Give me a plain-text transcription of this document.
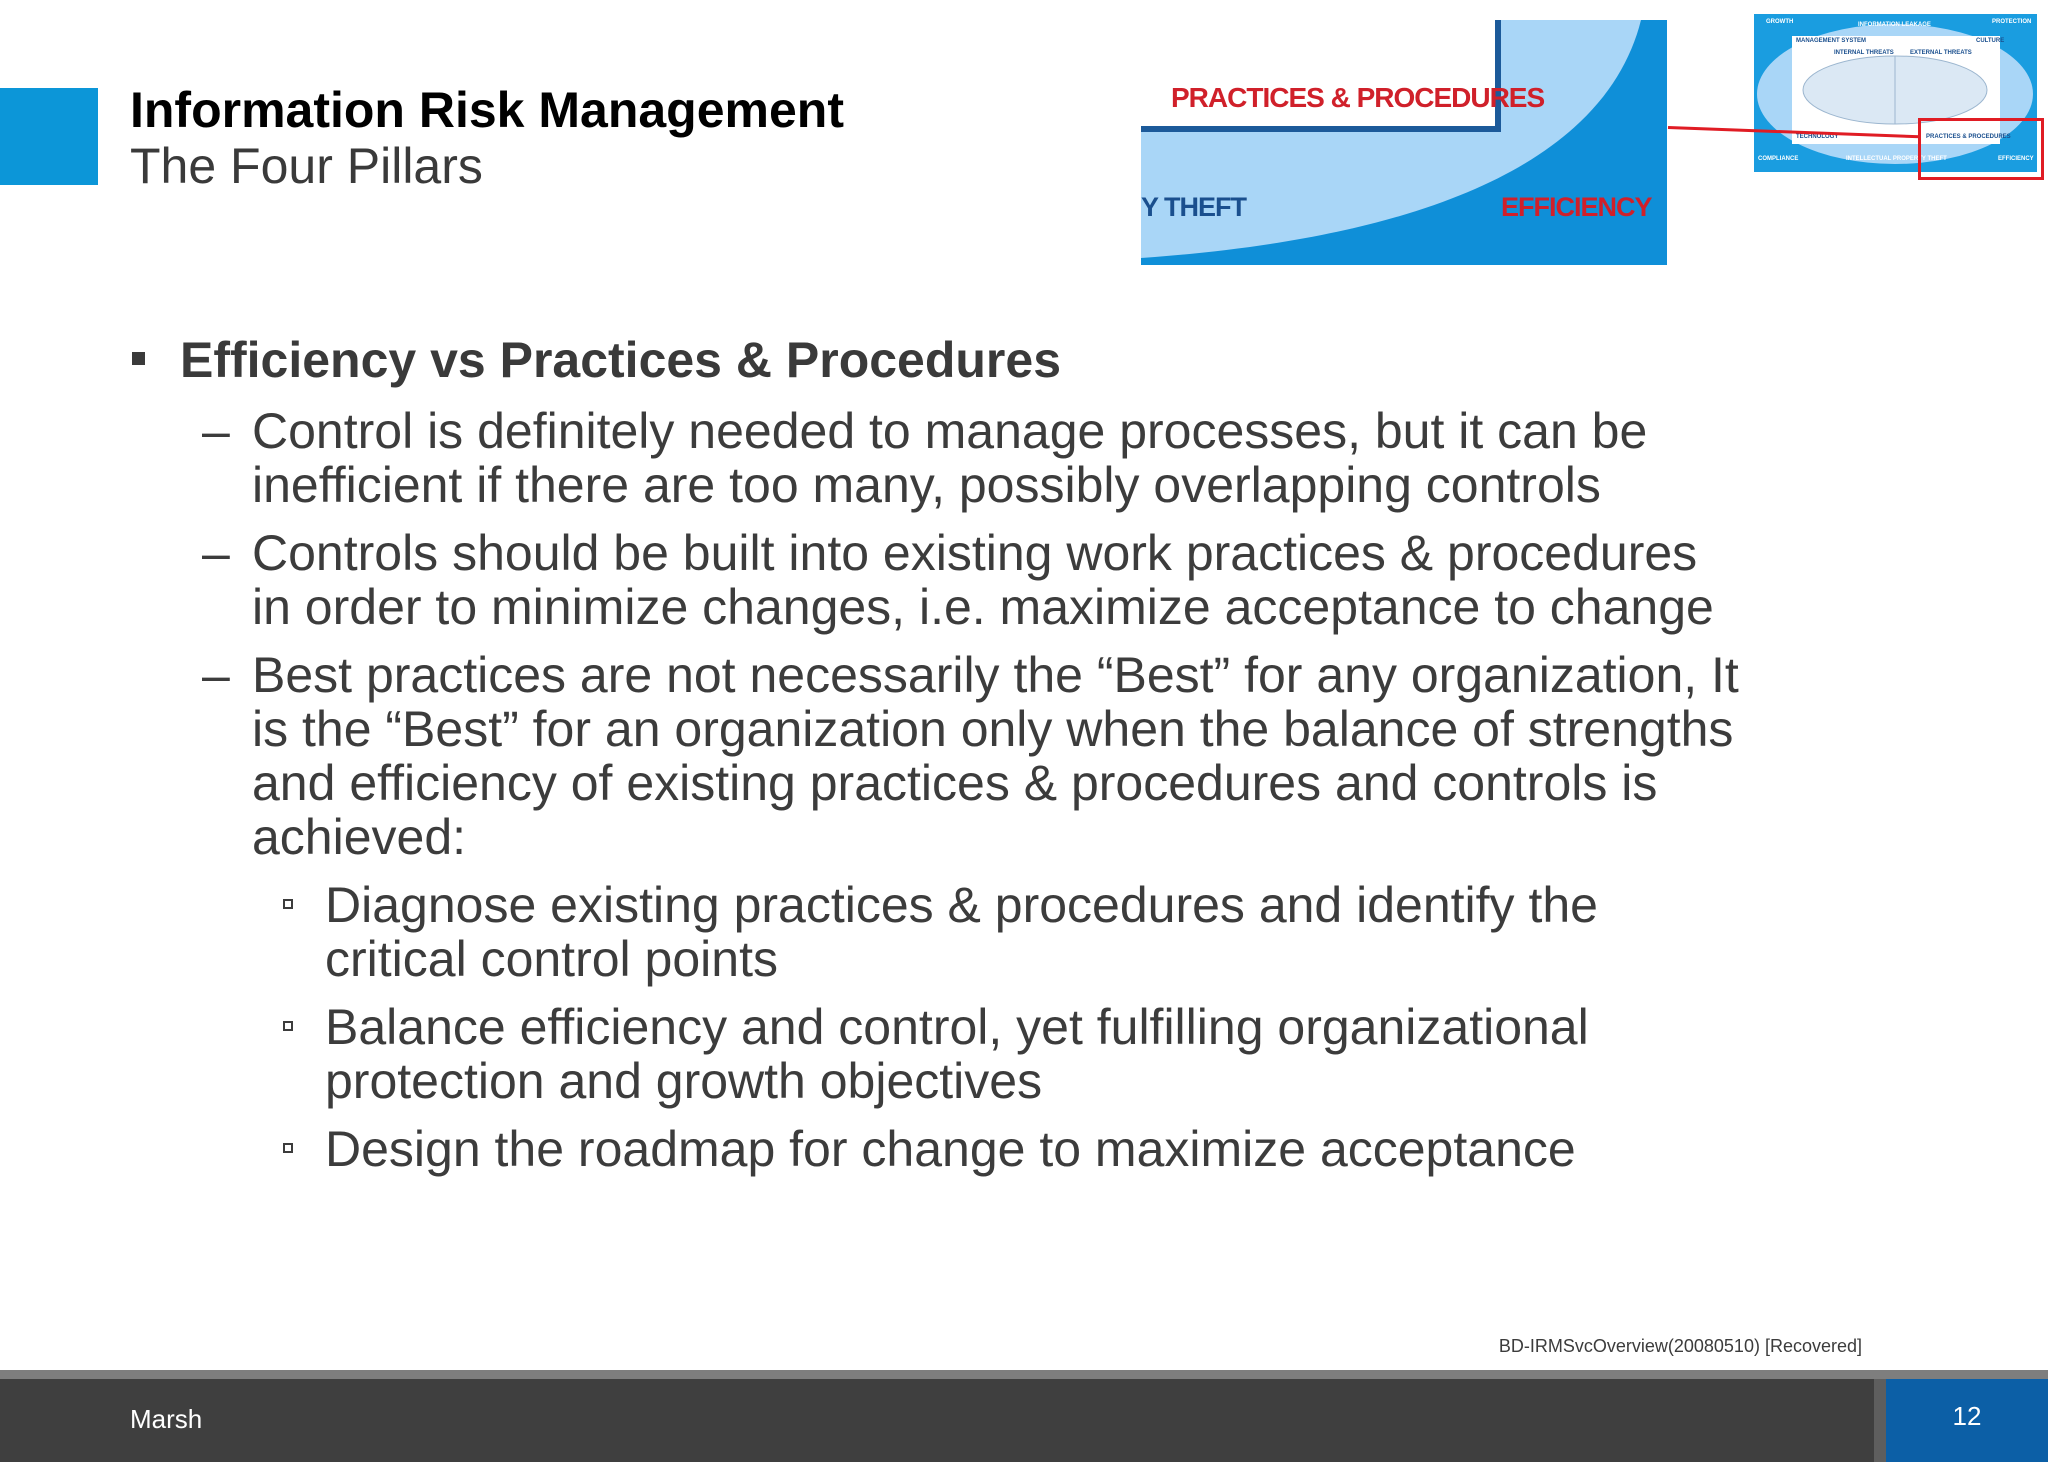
Information Risk Management
The Four Pillars
PRACTICES & PROCEDURES
Y THEFT	EFFICIENCY
GROWTH	INFORMATION LEAKAGE	PROTECTION
MANAGEMENT SYSTEM	CULTURE
INTERNAL THREATS	EXTERNAL THREATS
TECHNOLOGY	PRACTICES & PROCEDURES
COMPLIANCE	INTELLECTUAL PROPERTY THEFT	EFFICIENCY
Efficiency vs Practices & Procedures
– Control is definitely needed to manage processes, but it can be
inefficient if there are too many, possibly overlapping controls
– Controls should be built into existing work practices & procedures
in order to minimize changes, i.e. maximize acceptance to change
– Best practices are not necessarily the “Best” for any organization, It
is the “Best” for an organization only when the balance of strengths
and efficiency of existing practices & procedures and controls is
achieved:
Diagnose existing practices & procedures and identify the
critical control points
Balance efficiency and control, yet fulfilling organizational
protection and growth objectives
Design the roadmap for change to maximize acceptance
BD-IRMSvcOverview(20080510) [Recovered]
Marsh	12
